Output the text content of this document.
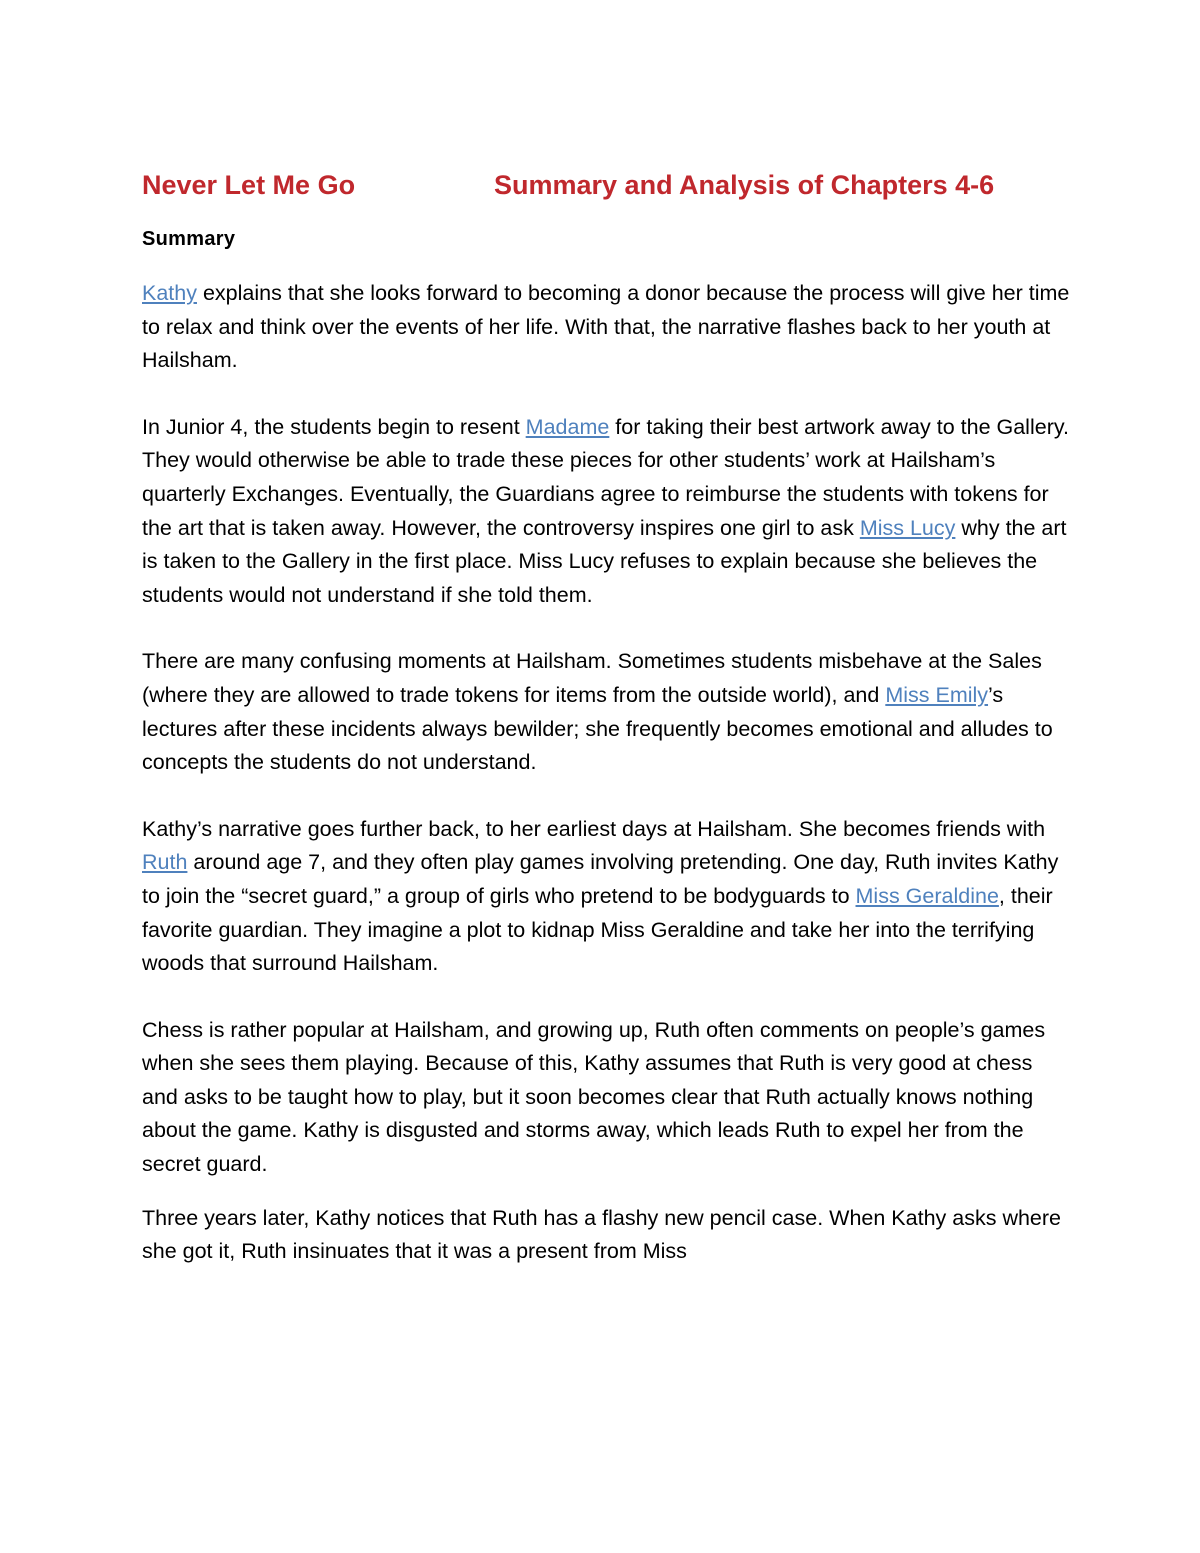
Never Let Me Go	Summary and Analysis of Chapters 4-6
Summary

Kathy explains that she looks forward to becoming a donor because the process will give her time to relax and think over the events of her life. With that, the narrative flashes back to her youth at Hailsham.

In Junior 4, the students begin to resent Madame for taking their best artwork away to the Gallery. They would otherwise be able to trade these pieces for other students’ work at Hailsham’s quarterly Exchanges. Eventually, the Guardians agree to reimburse the students with tokens for the art that is taken away. However, the controversy inspires one girl to ask Miss Lucy why the art is taken to the Gallery in the first place. Miss Lucy refuses to explain because she believes the students would not understand if she told them.

There are many confusing moments at Hailsham. Sometimes students misbehave at the Sales (where they are allowed to trade tokens for items from the outside world), and Miss Emily’s lectures after these incidents always bewilder; she frequently becomes emotional and alludes to concepts the students do not understand.

Kathy’s narrative goes further back, to her earliest days at Hailsham. She becomes friends with Ruth around age 7, and they often play games involving pretending. One day, Ruth invites Kathy to join the “secret guard,” a group of girls who pretend to be bodyguards to Miss Geraldine, their favorite guardian. They imagine a plot to kidnap Miss Geraldine and take her into the terrifying woods that surround Hailsham.

Chess is rather popular at Hailsham, and growing up, Ruth often comments on people’s games when she sees them playing. Because of this, Kathy assumes that Ruth is very good at chess and asks to be taught how to play, but it soon becomes clear that Ruth actually knows nothing about the game. Kathy is disgusted and storms away, which leads Ruth to expel her from the secret guard.

Three years later, Kathy notices that Ruth has a flashy new pencil case. When Kathy asks where she got it, Ruth insinuates that it was a present from Miss
